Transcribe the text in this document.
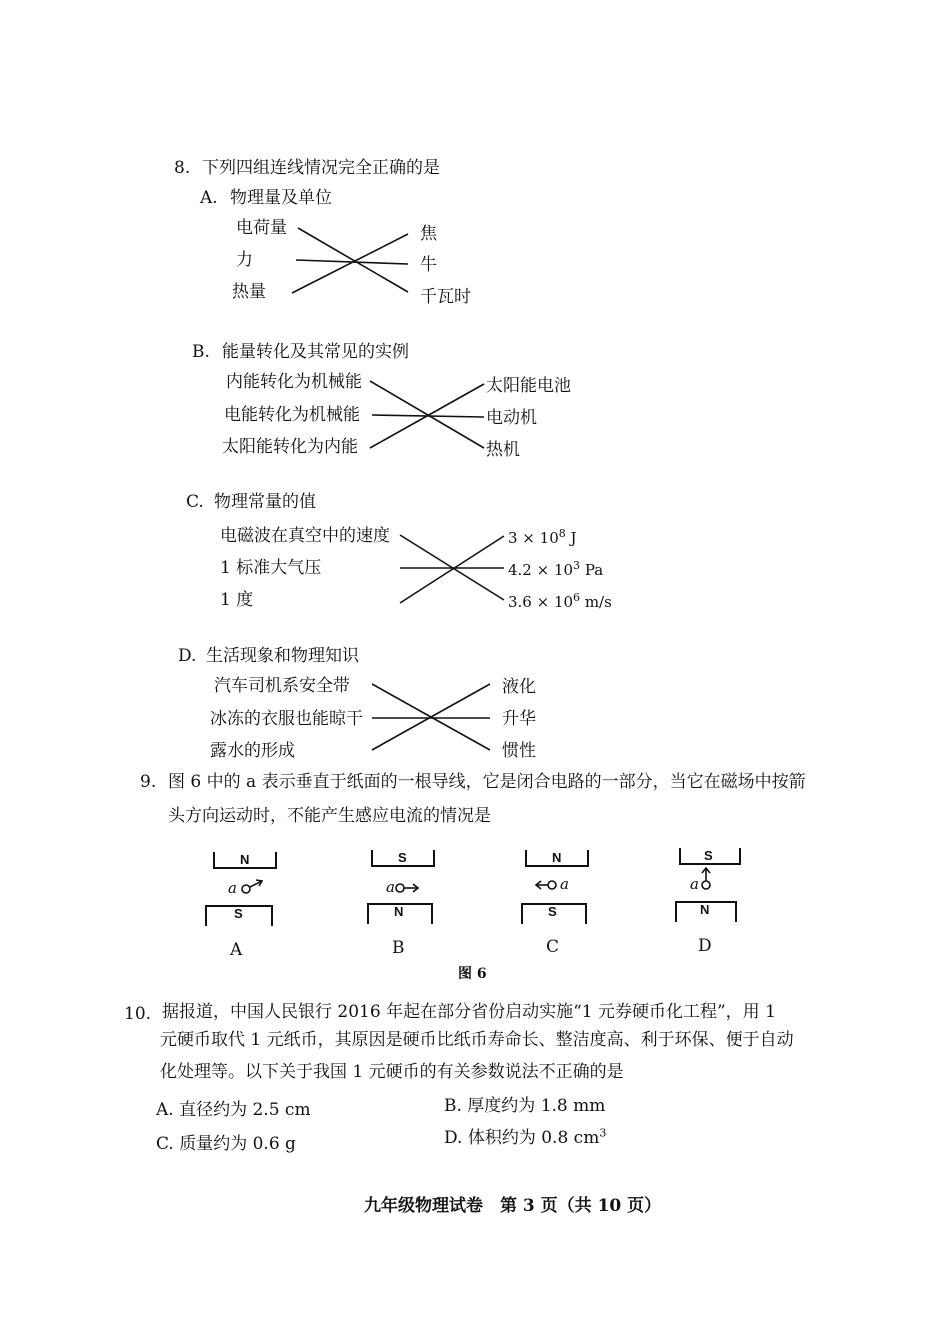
8. 下列四组连线情况完全正确的是
A. 物理量及单位
电荷量
力
热量
焦
牛
千瓦时
B. 能量转化及其常见的实例
内能转化为机械能
电能转化为机械能
太阳能转化为内能
太阳能电池
电动机
热机
C. 物理常量的值
电磁波在真空中的速度
1 标准大气压
1 度
$3 \times 10^8$ J
$4.2 \times 10^3$ Pa
$3.6 \times 10^6$ m/s
D. 生活现象和物理知识
汽车司机系安全带
冰冻的衣服也能晾干
露水的形成
液化
升华
惯性
9. 图 6 中的 a 表示垂直于纸面的一根导线，它是闭合电路的一部分，当它在磁场中按箭
头方向运动时，不能产生感应电流的情况是
N
S
a
A
S
N
a
B
N
S
a
C
S
N
a
D
图 6
10. 据报道，中国人民银行 2016 年起在部分省份启动实施“1 元券硬币化工程”，用 1
元硬币取代 1 元纸币，其原因是硬币比纸币寿命长、整洁度高、利于环保、便于自动
化处理等。以下关于我国 1 元硬币的有关参数说法不正确的是
A. 直径约为 2.5 cm	B. 厚度约为 1.8 mm
C. 质量约为 0.6 g	D. 体积约为 0.8 $cm^3$
九年级物理试卷　第 3 页（共 10 页）
